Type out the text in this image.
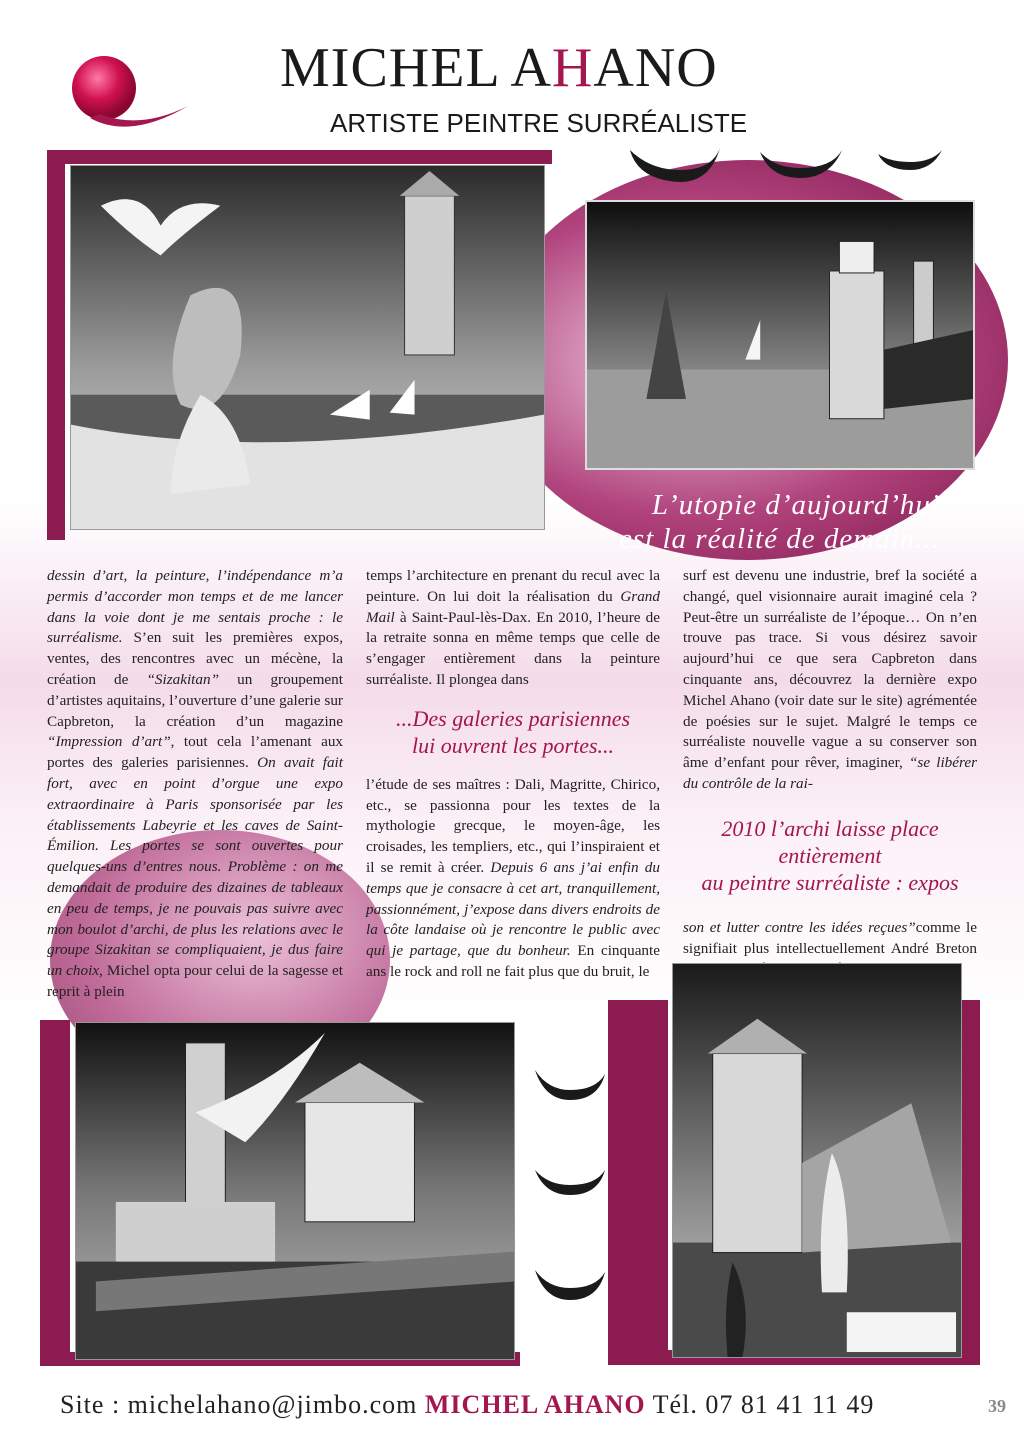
MICHEL AHANO
ARTISTE PEINTRE SURRÉALISTE
L’utopie d’aujourd’hui
est la réalité de demain...

dessin d’art, la peinture, l’indépendance m’a permis d’accorder mon temps et de me lancer dans la voie dont je me sentais proche : le surréalisme. S’en suit les premières expos, ventes, des rencontres avec un mécène, la création de “Sizakitan” un groupement d’artistes aquitains, l’ouverture d’une galerie sur Capbreton, la création d’un magazine “Impression d’art”, tout cela l’amenant aux portes des galeries parisiennes. On avait fait fort, avec en point d’orgue une expo extraordinaire à Paris sponsorisée par les établissements Labeyrie et les caves de Saint-Émilion. Les portes se sont ouvertes pour quelques-uns d’entres nous. Problème : on me demandait de produire des dizaines de tableaux en peu de temps, je ne pouvais pas suivre avec mon boulot d’archi, de plus les relations avec le groupe Sizakitan se compliquaient, je dus faire un choix, Michel opta pour celui de la sagesse et reprit à plein

temps l’architecture en prenant du recul avec la peinture. On lui doit la réalisation du Grand Mail à Saint-Paul-lès-Dax. En 2010, l’heure de la retraite sonna en même temps que celle de s’engager entièrement dans la peinture surréaliste. Il plongea dans

...Des galeries parisiennes
lui ouvrent les portes...

l’étude de ses maîtres : Dali, Magritte, Chirico, etc., se passionna pour les textes de la mythologie grecque, le moyen-âge, les croisades, les templiers, etc., qui l’inspiraient et il se remit à créer. Depuis 6 ans j’ai enfin du temps que je consacre à cet art, tranquillement, passionnément, j’expose dans divers endroits de la côte landaise où je rencontre le public avec qui je partage, que du bonheur. En cinquante ans le rock and roll ne fait plus que du bruit, le

surf est devenu une industrie, bref la société a changé, quel visionnaire aurait imaginé cela ? Peut-être un surréaliste de l’époque… On n’en trouve pas trace. Si vous désirez savoir aujourd’hui ce que sera Capbreton dans cinquante ans, découvrez la dernière expo Michel Ahano (voir date sur le site) agrémentée de poésies sur le sujet. Malgré le temps ce surréaliste nouvelle vague a su conserver son âme d’enfant pour rêver, imaginer, “se libérer du contrôle de la rai-

2010 l’archi laisse place entièrement
au peintre surréaliste : expos

son et lutter contre les idées reçues”comme le signifiait plus intellectuellement André Breton

Site : michelahano@jimbo.com MICHEL AHANO Tél. 07 81 41 11 49	39
